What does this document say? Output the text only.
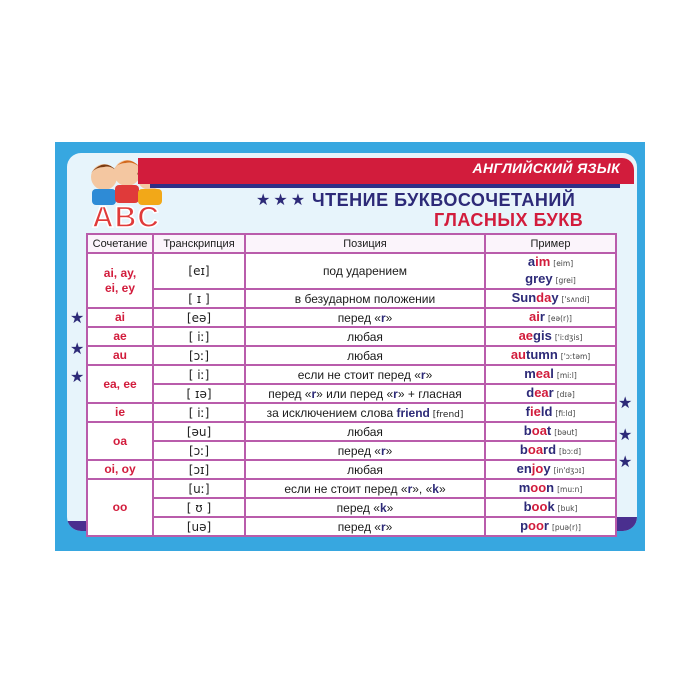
ABC
АНГЛИЙСКИЙ ЯЗЫК
★★★ ЧТЕНИЕ БУКВОСОЧЕТАНИЙ
ГЛАСНЫХ БУКВ
★
★
★
★
★
★
Сочетание	Транскрипция	Позиция	Пример
ai, ay,
ei, ey	[eɪ]	под ударением	aim [eim]
grey [grei]
	[ ɪ ]	в безударном положении	Sunday ['sʌndi]
ai	[eə]	перед «r»	air [eə(r)]
ae	[ iː]	любая	aegis ['iːdʒis]
au	[ɔː]	любая	autumn ['ɔːtəm]
ea, ee	[ iː]	если не стоит перед «r»	meal [miːl]
	[ ɪə]	перед «r» или перед «r» + гласная	dear [dɪə]
ie	[ iː]	за исключением слова friend [frend]	field [fiːld]
oa	[əu]	любая	boat [bəut]
	[ɔː]	перед «r»	board [bɔːd]
oi, oy	[ɔɪ]	любая	enjoy [in'dʒɔɪ]
oo	[uː]	если не стоит перед «r», «k»	moon [muːn]
	[ ʊ ]	перед «k»	book [buk]
	[uə]	перед «r»	poor [puə(r)]
